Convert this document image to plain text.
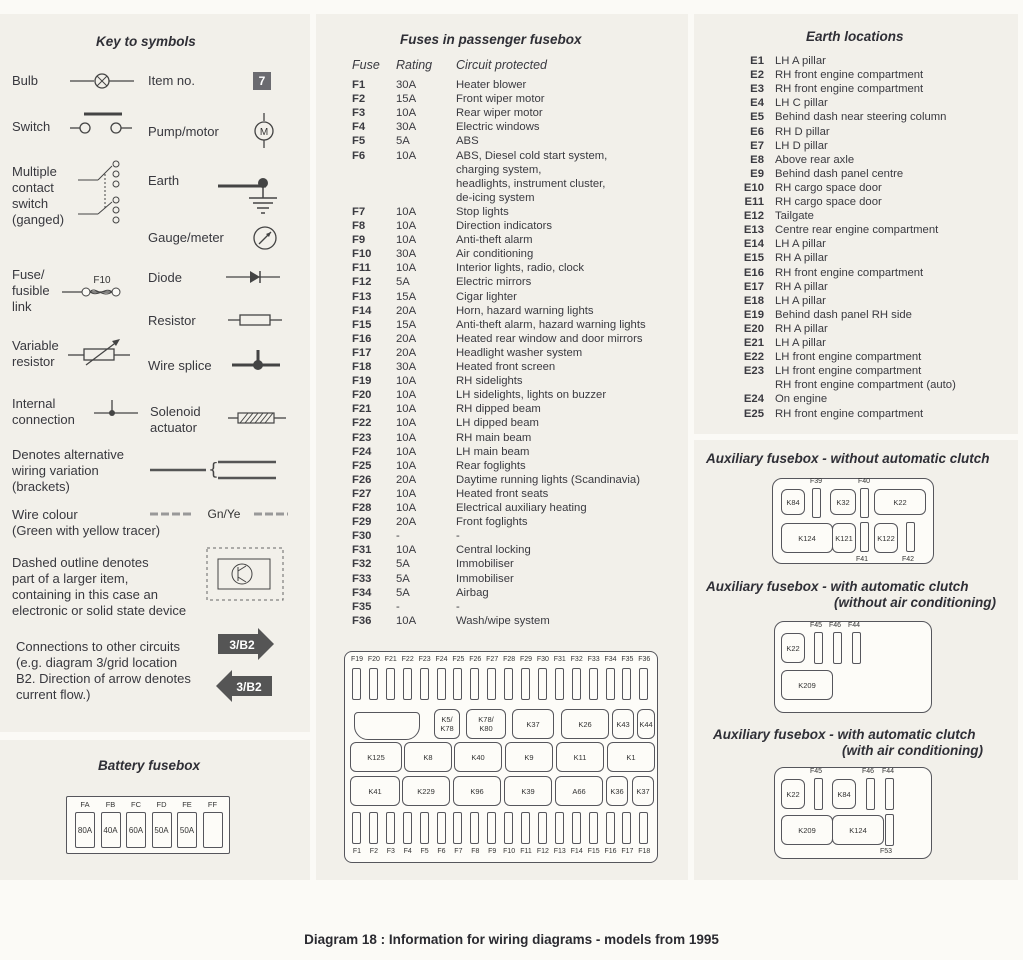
Key to symbols
Bulb	Item no.	7
Switch	Pump/motor	M
Multiple
contact
switch
(ganged)
Earth
Gauge/meter
Fuse/
fusible
link
F10	Diode
Resistor
Variable
resistor	Wire splice
Internal
connection
Solenoid
actuator
Denotes alternative
wiring variation
(brackets)
{
Wire colour
(Green with yellow tracer)
Gn/Ye
Dashed outline denotes
part of a larger item,
containing in this case an
electronic or solid state device
Connections to other circuits
(e.g. diagram 3/grid location
B2. Direction of arrow denotes
current flow.)
3/B2
3/B2
Battery fusebox
FA
80A
FB
40A
FC
60A
FD
50A
FE
50A
FF
Fuses in passenger fusebox
Fuse Rating Circuit protected
F1	30A	Heater blower
F2	15A	Front wiper motor
F3	10A	Rear wiper motor
F4	30A	Electric windows
F5	5A	ABS
F6	10A	ABS, Diesel cold start system,
charging system,
headlights, instrument cluster,
de-icing system
F7	10A	Stop lights
F8	10A	Direction indicators
F9	10A	Anti-theft alarm
F10 30A	Air conditioning
F11 10A	Interior lights, radio, clock
F12 5A	Electric mirrors
F13 15A	Cigar lighter
F14 20A	Horn, hazard warning lights
F15 15A	Anti-theft alarm, hazard warning lights
F16 20A	Heated rear window and door mirrors
F17 20A	Headlight washer system
F18 30A	Heated front screen
F19 10A	RH sidelights
F20 10A	LH sidelights, lights on buzzer
F21 10A	RH dipped beam
F22 10A	LH dipped beam
F23 10A	RH main beam
F24 10A	LH main beam
F25 10A	Rear foglights
F26 20A	Daytime running lights (Scandinavia)
F27 10A	Heated front seats
F28 10A	Electrical auxiliary heating
F29 20A	Front foglights
F30 -	-
F31 10A	Central locking
F32 5A	Immobiliser
F33 5A	Immobiliser
F34 5A	Airbag
F35 -	-
F36 10A	Wash/wipe system
F19 F20 F21 F22 F23 F24 F25 F26 F27 F28 F29 F30 F31 F32 F33 F34 F35 F36
F1	F2	F3	F4	F5	F6	F7	F8	F9 F10 F11 F12 F13 F14 F15 F16 F17 F18
K5/
K78
K78/
K80	K37	K26	K43	K44
K125	K8	K40	K9	K11	K1
K41	K229	K96	K39	A66	K36	K37
Earth locations
E1 LH A pillar
E2 RH front engine compartment
E3 RH front engine compartment
E4 LH C pillar
E5 Behind dash near steering column
E6 RH D pillar
E7 LH D pillar
E8 Above rear axle
E9 Behind dash panel centre
E10 RH cargo space door
E11 RH cargo space door
E12 Tailgate
E13 Centre rear engine compartment
E14 LH A pillar
E15 RH A pillar
E16 RH front engine compartment
E17 RH A pillar
E18 LH A pillar
E19 Behind dash panel RH side
E20 RH A pillar
E21 LH A pillar
E22 LH front engine compartment
E23 LH front engine compartment
RH front engine compartment (auto)
E24 On engine
E25 RH front engine compartment
Auxiliary fusebox - without automatic clutch
F39	F40
K84	K32	K22
K124	K121	K122
F41	F42
Auxiliary fusebox - with automatic clutch
(without air conditioning)
F45 F46 F44
K22
K209
Auxiliary fusebox - with automatic clutch
(with air conditioning)
F45	F46 F44
K22	K84
K209	K124
F53
Diagram 18 : Information for wiring diagrams - models from 1995
